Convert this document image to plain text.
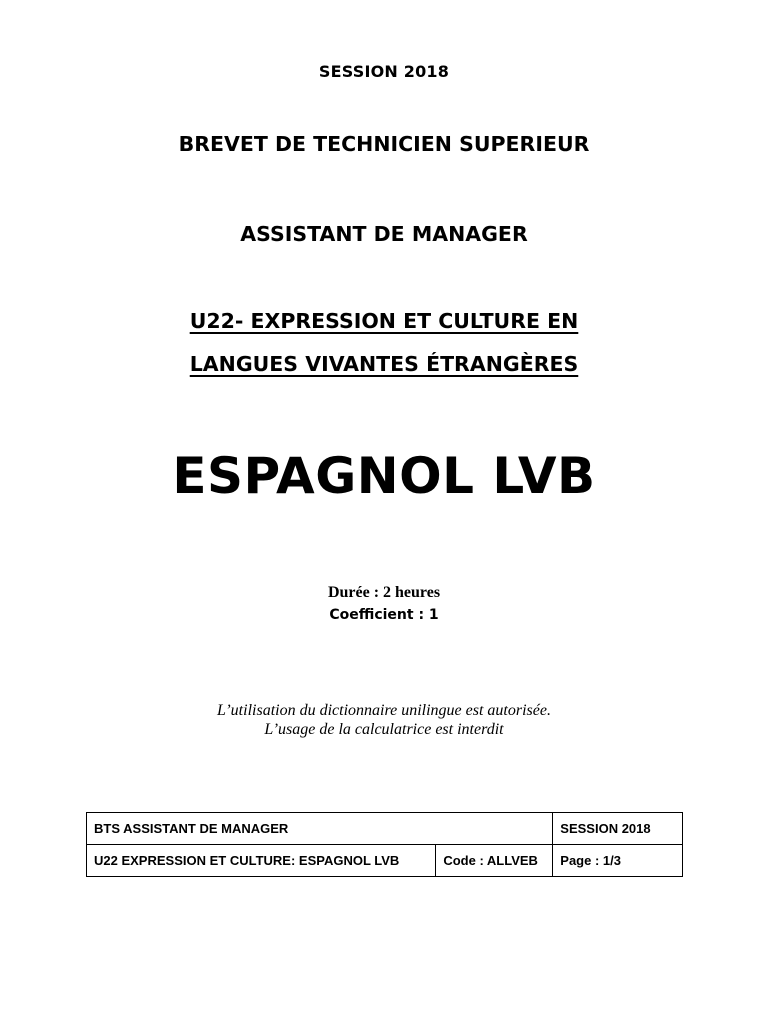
SESSION 2018
BREVET DE TECHNICIEN SUPERIEUR
ASSISTANT DE MANAGER
U22- EXPRESSION ET CULTURE EN
LANGUES VIVANTES ÉTRANGÈRES
ESPAGNOL LVB
Durée : 2 heures
Coefficient : 1
L’utilisation du dictionnaire unilingue est autorisée.
L’usage de la calculatrice est interdit
BTS ASSISTANT DE MANAGER		SESSION 2018
U22 EXPRESSION ET CULTURE: ESPAGNOL LVB	Code : ALLVEB	Page : 1/3
